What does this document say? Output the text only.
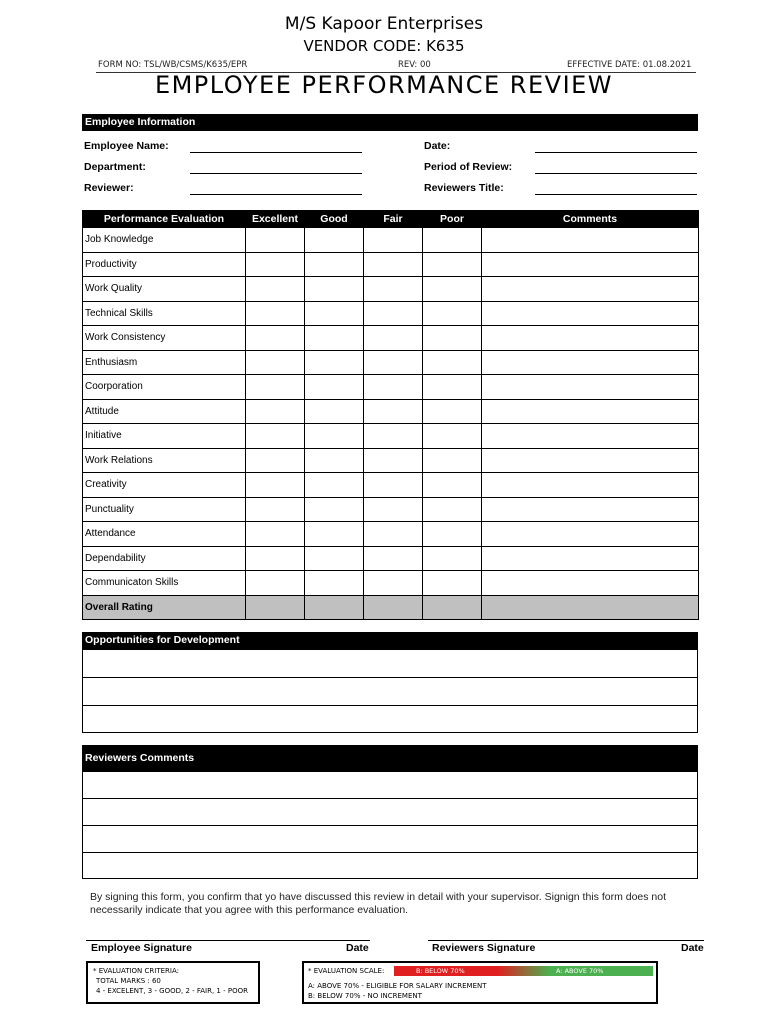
M/S Kapoor Enterprises
VENDOR CODE: K635
FORM NO: TSL/WB/CSMS/K635/EPR	REV: 00	EFFECTIVE DATE: 01.08.2021
EMPLOYEE PERFORMANCE REVIEW
Employee Information
Employee Name:
Department:
Reviewer:
Date:
Period of Review:
Reviewers Title:
Performance Evaluation	Excellent	Good	Fair	Poor	Comments
Job Knowledge					
Productivity					
Work Quality					
Technical Skills					
Work Consistency					
Enthusiasm					
Coorporation					
Attitude					
Initiative					
Work Relations					
Creativity					
Punctuality					
Attendance					
Dependability					
Communicaton Skills					
Overall Rating					
Opportunities for Development
Reviewers Comments
By signing this form, you confirm that yo have discussed this review in detail with your supervisor. Signign this form does not necessarily indicate that you agree with this performance evaluation.
Employee Signature	Date	Reviewers Signature	Date
* EVALUATION CRITERIA:
TOTAL MARKS : 60
4 - EXCELENT, 3 - GOOD, 2 - FAIR, 1 - POOR
* EVALUATION SCALE:	B: BELOW 70%	A: ABOVE 70%
A: ABOVE 70% - ELIGIBLE FOR SALARY INCREMENT
B: BELOW 70% - NO INCREMENT
